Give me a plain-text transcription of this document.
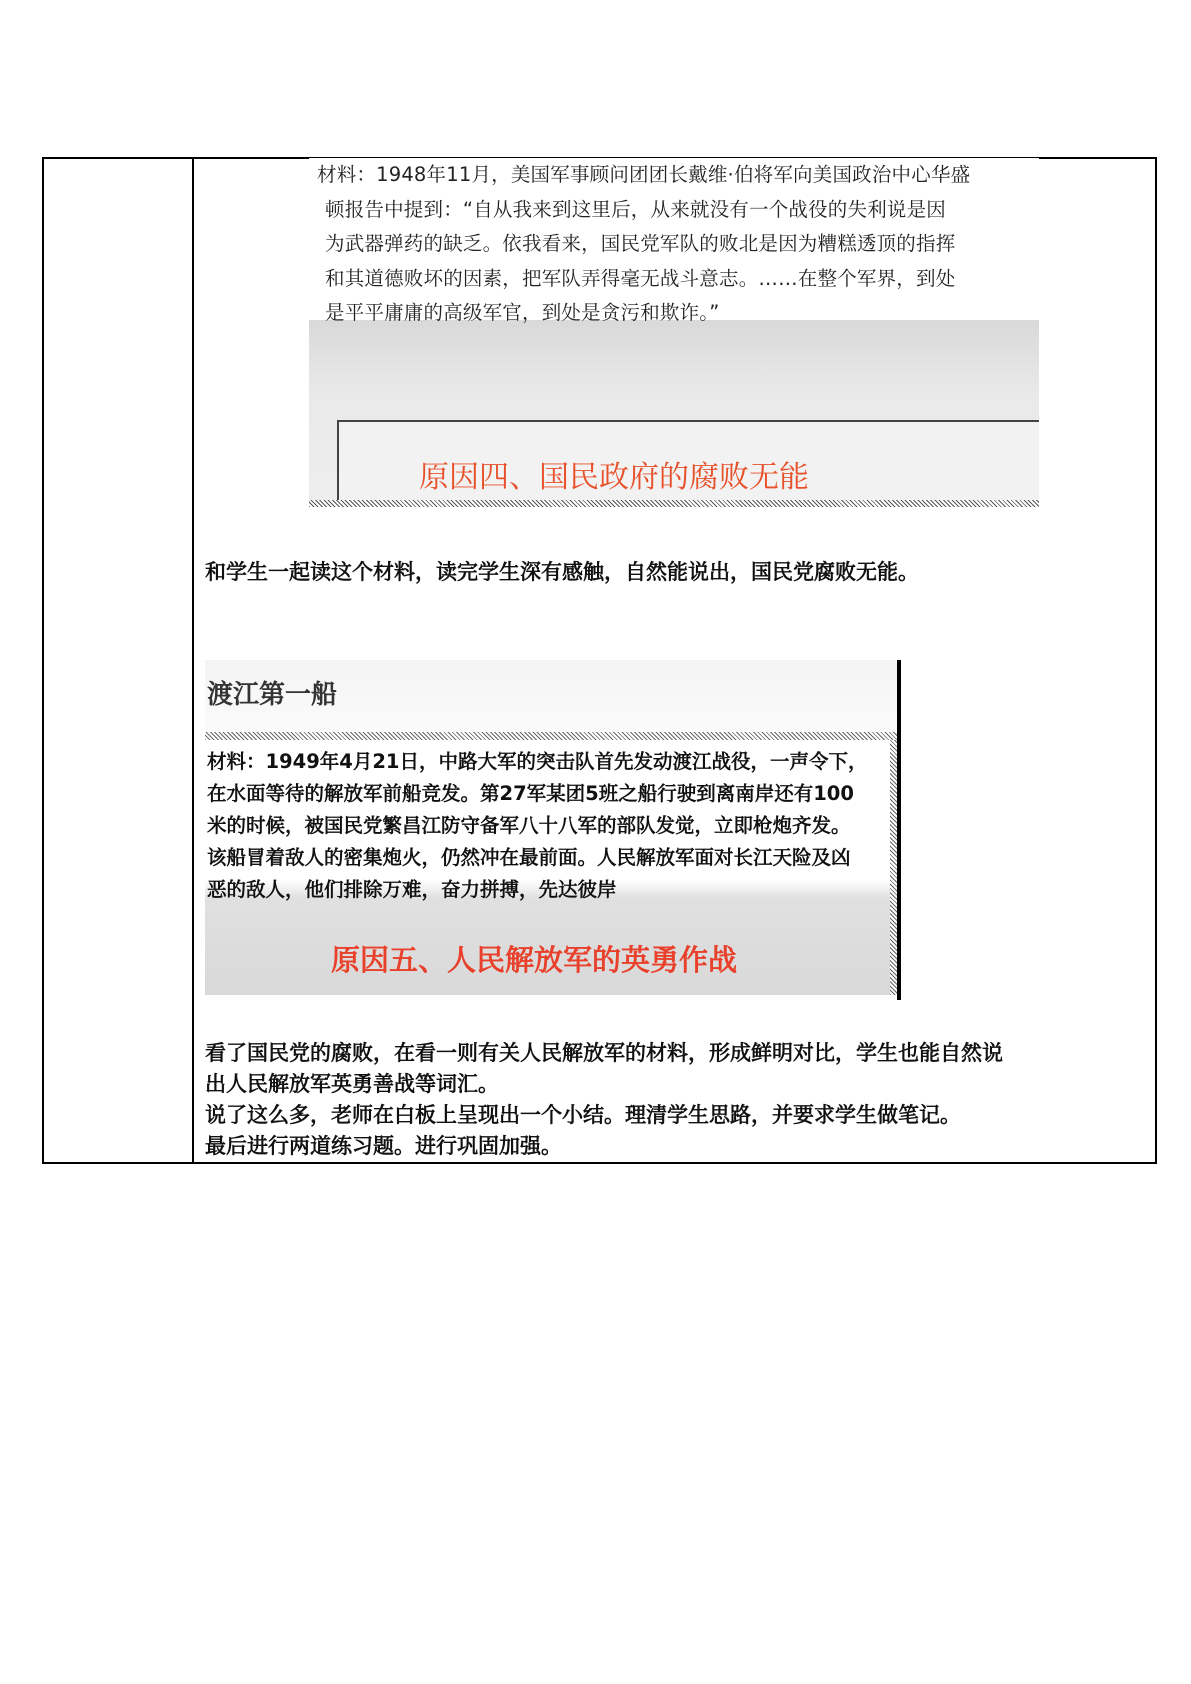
材料：1948年11月，美国军事顾问团团长戴维·伯将军向美国政治中心华盛

顿报告中提到：“自从我来到这里后，从来就没有一个战役的失利说是因

为武器弹药的缺乏。依我看来，国民党军队的败北是因为糟糕透顶的指挥

和其道德败坏的因素，把军队弄得毫无战斗意志。……在整个军界，到处

是平平庸庸的高级军官，到处是贪污和欺诈。”

原因四、国民政府的腐败无能
和学生一起读这个材料，读完学生深有感触，自然能说出，国民党腐败无能。
渡江第一船

材料：1949年4月21日，中路大军的突击队首先发动渡江战役，一声令下，

在水面等待的解放军前船竞发。第27军某团5班之船行驶到离南岸还有100

米的时候，被国民党繁昌江防守备军八十八军的部队发觉，立即枪炮齐发。

该船冒着敌人的密集炮火，仍然冲在最前面。人民解放军面对长江天险及凶

恶的敌人，他们排除万难，奋力拼搏，先达彼岸

原因五、人民解放军的英勇作战
看了国民党的腐败，在看一则有关人民解放军的材料，形成鲜明对比，学生也能自然说
出人民解放军英勇善战等词汇。
说了这么多，老师在白板上呈现出一个小结。理清学生思路，并要求学生做笔记。
最后进行两道练习题。进行巩固加强。
